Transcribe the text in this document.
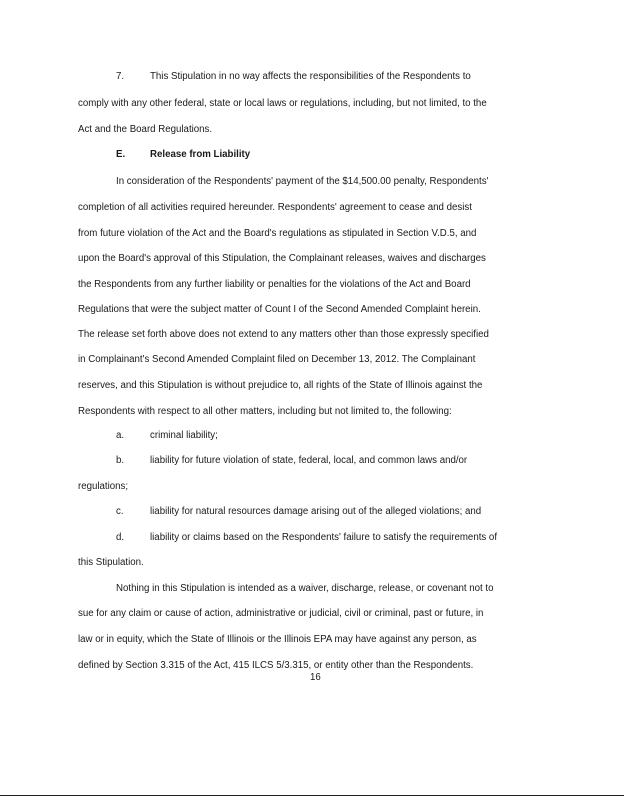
7.	This Stipulation in no way affects the responsibilities of the Respondents to
comply with any other federal, state or local laws or regulations, including, but not limited, to the
Act and the Board Regulations.
E.	Release from Liability
In consideration of the Respondents' payment of the $14,500.00 penalty, Respondents'
completion of all activities required hereunder. Respondents' agreement to cease and desist
from future violation of the Act and the Board's regulations as stipulated in Section V.D.5, and
upon the Board's approval of this Stipulation, the Complainant releases, waives and discharges
the Respondents from any further liability or penalties for the violations of the Act and Board
Regulations that were the subject matter of Count I of the Second Amended Complaint herein.
The release set forth above does not extend to any matters other than those expressly specified
in Complainant's Second Amended Complaint filed on December 13, 2012. The Complainant
reserves, and this Stipulation is without prejudice to, all rights of the State of Illinois against the
Respondents with respect to all other matters, including but not limited to, the following:
a.	criminal liability;
b.	liability for future violation of state, federal, local, and common laws and/or
regulations;
c.	liability for natural resources damage arising out of the alleged violations; and
d.	liability or claims based on the Respondents' failure to satisfy the requirements of
this Stipulation.
Nothing in this Stipulation is intended as a waiver, discharge, release, or covenant not to
sue for any claim or cause of action, administrative or judicial, civil or criminal, past or future, in
law or in equity, which the State of Illinois or the Illinois EPA may have against any person, as
defined by Section 3.315 of the Act, 415 ILCS 5/3.315, or entity other than the Respondents.
16
